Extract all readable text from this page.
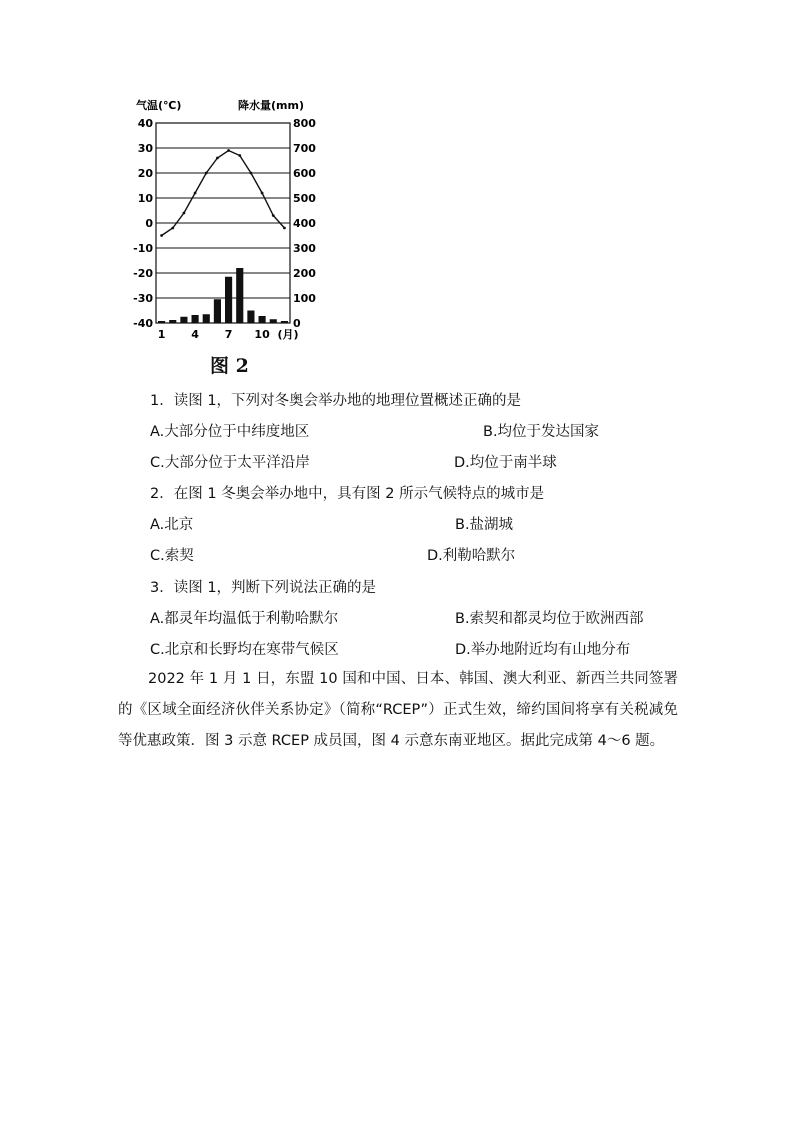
气温(℃)	降水量(mm)
40
30
20
10
0
-10
-20
-30
-40
800
700
600
500
400
300
200
100
0
1 4 7 10 (月)
图 2
1．读图 1，下列对冬奥会举办地的地理位置概述正确的是
A.大部分位于中纬度地区	B.均位于发达国家
C.大部分位于太平洋沿岸	D.均位于南半球
2．在图 1 冬奥会举办地中，具有图 2 所示气候特点的城市是
A.北京	B.盐湖城
C.索契	D.利勒哈默尔
3．读图 1，判断下列说法正确的是
A.都灵年均温低于利勒哈默尔	B.索契和都灵均位于欧洲西部
C.北京和长野均在寒带气候区	D.举办地附近均有山地分布
2022 年 1 月 1 日，东盟 10 国和中国、日本、韩国、澳大利亚、新西兰共同签署的《区域全面经济伙伴关系协定》（简称“RCEP”）正式生效，缔约国间将享有关税减免等优惠政策．图 3 示意 RCEP 成员国，图 4 示意东南亚地区。据此完成第 4～6 题。
